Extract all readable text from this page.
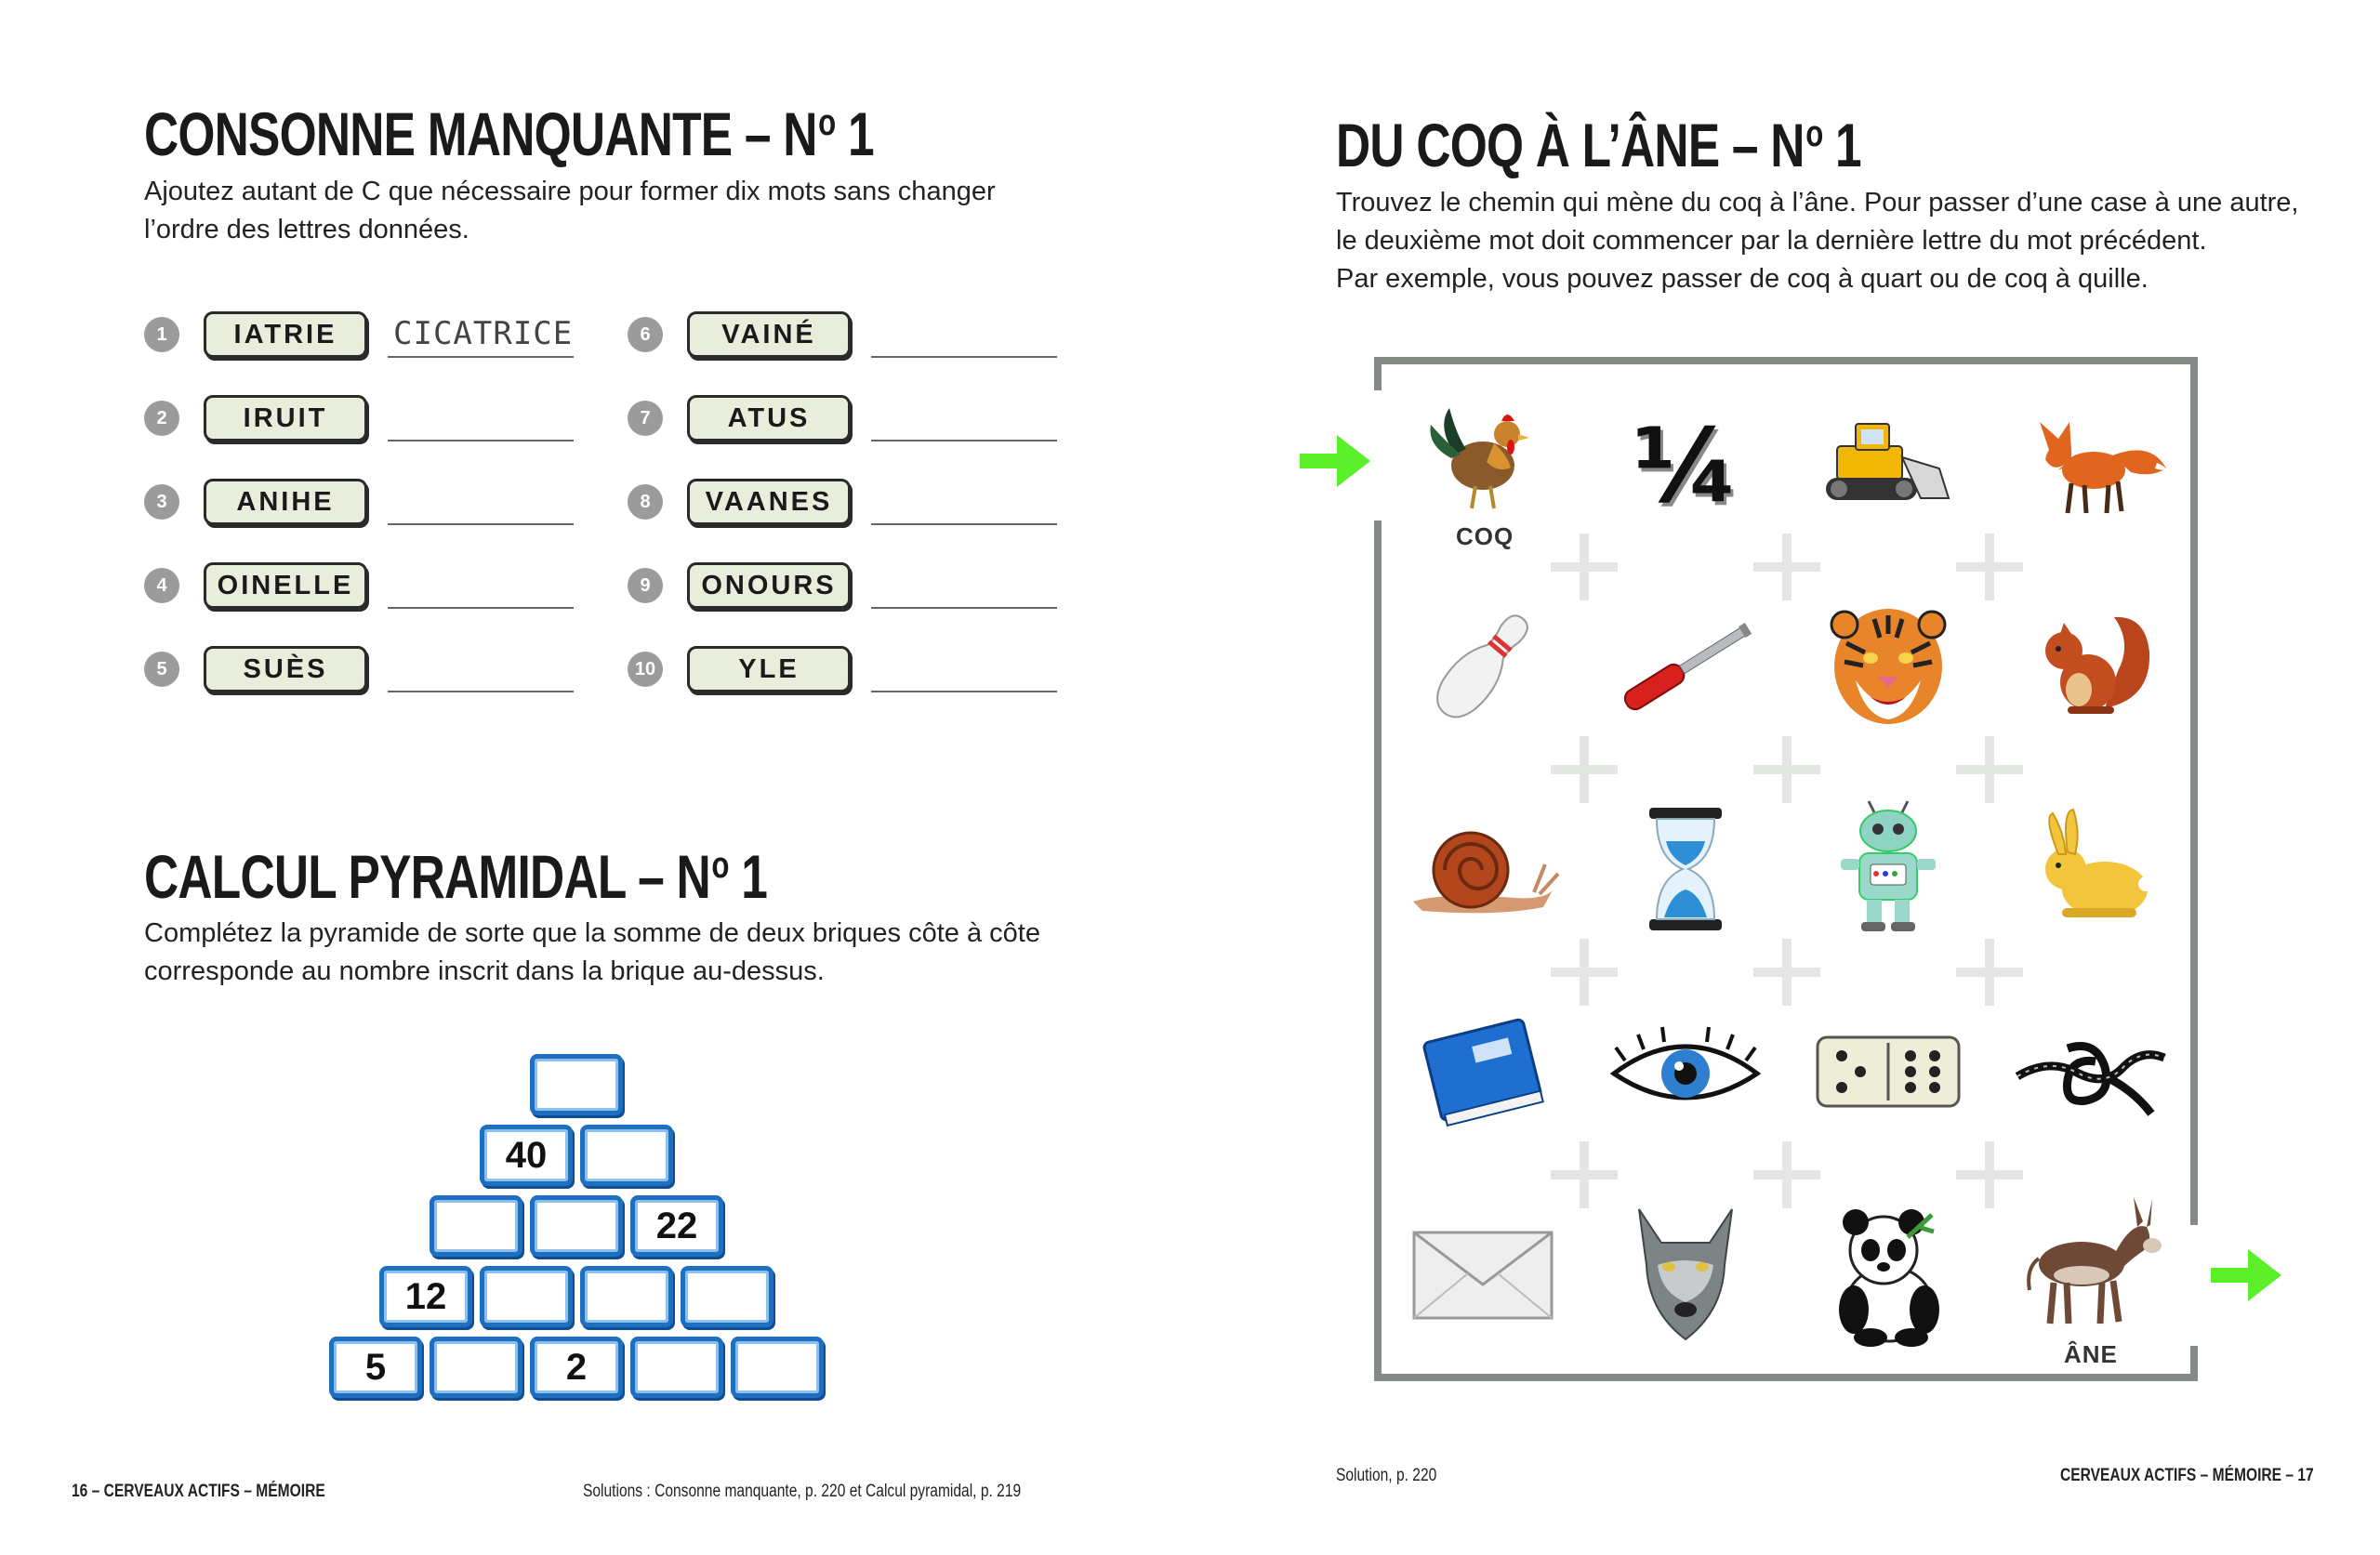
CONSONNE MANQUANTE – $N^o$ 1
Ajoutez autant de C que nécessaire pour former dix mots sans changer
l’ordre des lettres données.
1	IATRIE	CICATRICE
2	IRUIT
3	ANIHE
4	OINELLE
5	SUÈS
6	VAINÉ
7	ATUS
8	VAANES
9	ONOURS
10	YLE
CALCUL PYRAMIDAL – $N^o$ 1
Complétez la pyramide de sorte que la somme de deux briques côte à côte
corresponde au nombre inscrit dans la brique au-dessus.
40
22
12
5	2
16 – CERVEAUX ACTIFS – MÉMOIRE	Solutions : Consonne manquante, p. 220 et Calcul pyramidal, p. 219
DU COQ À L’ÂNE – $N^o$ 1
Trouvez le chemin qui mène du coq à l’âne. Pour passer d’une case à une autre,
le deuxième mot doit commencer par la dernière lettre du mot précédent.
Par exemple, vous pouvez passer de coq à quart ou de coq à quille.
¼
COQ
ÂNE
Solution, p. 220	CERVEAUX ACTIFS – MÉMOIRE – 17
